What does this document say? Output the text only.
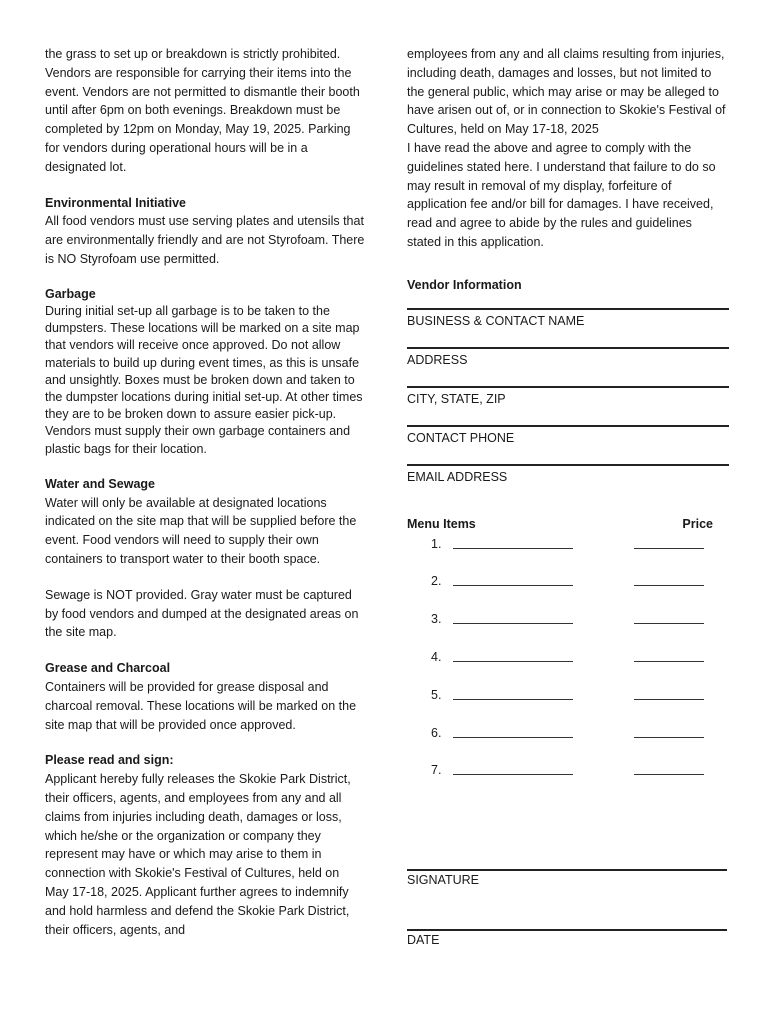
the grass to set up or breakdown is strictly prohibited. Vendors are responsible for carrying their items into the event. Vendors are not permitted to dismantle their booth until after 6pm on both evenings. Breakdown must be completed by 12pm on Monday, May 19, 2025. Parking for vendors during operational hours will be in a designated lot.

Environmental Initiative

All food vendors must use serving plates and utensils that are environmentally friendly and are not Styrofoam. There is NO Styrofoam use permitted.

Garbage

During initial set-up all garbage is to be taken to the dumpsters. These locations will be marked on a site map that vendors will receive once approved. Do not allow materials to build up during event times, as this is unsafe and unsightly. Boxes must be broken down and taken to the dumpster locations during initial set-up. At other times they are to be broken down to assure easier pick-up. Vendors must supply their own garbage containers and plastic bags for their location.

Water and Sewage

Water will only be available at designated locations indicated on the site map that will be supplied before the event. Food vendors will need to supply their own containers to transport water to their booth space.

Sewage is NOT provided. Gray water must be captured by food vendors and dumped at the designated areas on the site map.

Grease and Charcoal

Containers will be provided for grease disposal and charcoal removal. These locations will be marked on the site map that will be provided once approved.

Please read and sign:

Applicant hereby fully releases the Skokie Park District, their officers, agents, and employees from any and all claims from injuries including death, damages or loss, which he/she or the organization or company they represent may have or which may arise to them in connection with Skokie's Festival of Cultures, held on May 17-18, 2025. Applicant further agrees to indemnify and hold harmless and defend the Skokie Park District, their officers, agents, and

employees from any and all claims resulting from injuries, including death, damages and losses, but not limited to the general public, which may arise or may be alleged to have arisen out of, or in connection to Skokie's Festival of Cultures, held on May 17-18, 2025

I have read the above and agree to comply with the guidelines stated here. I understand that failure to do so may result in removal of my display, forfeiture of application fee and/or bill for damages. I have received, read and agree to abide by the rules and guidelines stated in this application.

Vendor Information

BUSINESS & CONTACT NAME
ADDRESS
CITY, STATE, ZIP
CONTACT PHONE
EMAIL ADDRESS
Menu Items	Price
1.
2.
3.
4.
5.
6.
7.
SIGNATURE
DATE
